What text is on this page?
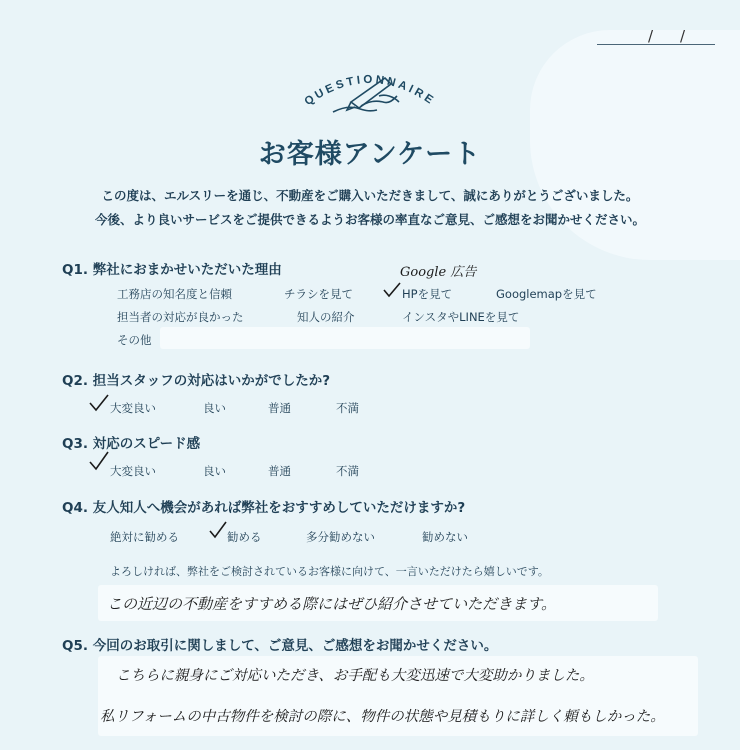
/ /
QUESTIONNAIRE
お客様アンケート
この度は、エルスリーを通じ、不動産をご購入いただきまして、誠にありがとうございました。
今後、より良いサービスをご提供できるようお客様の率直なご意見、ご感想をお聞かせください。
Q1. 弊社におまかせいただいた理由	Google 広告
工務店の知名度と信頼	チラシを見て	HPを見て	Googlemapを見て
担当者の対応が良かった	知人の紹介	インスタやLINEを見て
その他
Q2. 担当スタッフの対応はいかがでしたか?
大変良い	良い	普通	不満
Q3. 対応のスピード感
大変良い	良い	普通	不満
Q4. 友人知人へ機会があれば弊社をおすすめしていただけますか?
絶対に勧める	勧める	多分勧めない	勧めない
よろしければ、弊社をご検討されているお客様に向けて、一言いただけたら嬉しいです。
この近辺の不動産をすすめる際にはぜひ紹介させていただきます。
Q5. 今回のお取引に関しまして、ご意見、ご感想をお聞かせください。
こちらに親身にご対応いただき、お手配も大変迅速で大変助かりました。
私リフォームの中古物件を検討の際に、物件の状態や見積もりに詳しく頼もしかった。
